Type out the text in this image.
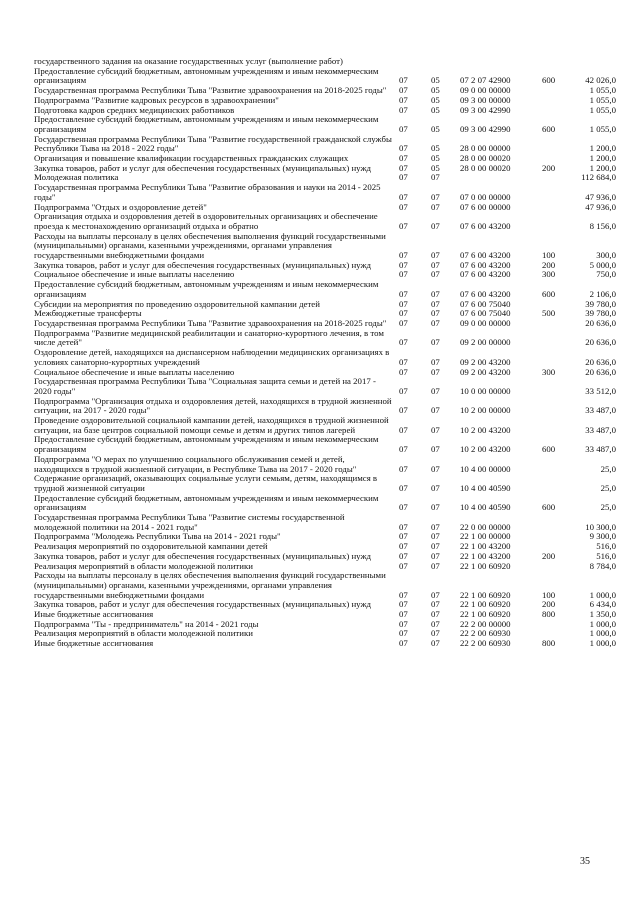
государственного задания на оказание государственных услуг (выполнение работ)					
Предоставление субсидий бюджетным, автономным учреждениям и иным некоммерческим организациям	07	05	07 2 07 42900	600	42 026,0
Государственная программа Республики Тыва "Развитие здравоохранения на 2018-2025 годы"	07	05	09 0 00 00000		1 055,0
Подпрограмма "Развитие кадровых ресурсов в здравоохранении"	07	05	09 3 00 00000		1 055,0
Подготовка кадров средних медицинских работников	07	05	09 3 00 42990		1 055,0
Предоставление субсидий бюджетным, автономным учреждениям и иным некоммерческим организациям	07	05	09 3 00 42990	600	1 055,0
Государственная программа Республики Тыва "Развитие государственной гражданской службы Республики Тыва на 2018 - 2022 годы"	07	05	28 0 00 00000		1 200,0
Организация и повышение квалификации государственных гражданских служащих	07	05	28 0 00 00020		1 200,0
Закупка товаров, работ и услуг для обеспечения государственных (муниципальных) нужд	07	05	28 0 00 00020	200	1 200,0
Молодежная политика	07	07			112 684,0
Государственная программа Республики Тыва "Развитие образования и науки на 2014 - 2025 годы"	07	07	07 0 00 00000		47 936,0
Подпрограмма "Отдых и оздоровление детей"	07	07	07 6 00 00000		47 936,0
Организация отдыха и оздоровления детей в оздоровительных организациях и обеспечение проезда к местонахождению организаций отдыха и обратно	07	07	07 6 00 43200		8 156,0
Расходы на выплаты персоналу в целях обеспечения выполнения функций государственными (муниципальными) органами, казенными учреждениями, органами управления государственными внебюджетными фондами	07	07	07 6 00 43200	100	300,0
Закупка товаров, работ и услуг для обеспечения государственных (муниципальных) нужд	07	07	07 6 00 43200	200	5 000,0
Социальное обеспечение и иные выплаты населению	07	07	07 6 00 43200	300	750,0
Предоставление субсидий бюджетным, автономным учреждениям и иным некоммерческим организациям	07	07	07 6 00 43200	600	2 106,0
Субсидии на мероприятия по проведению оздоровительной кампании детей	07	07	07 6 00 75040		39 780,0
Межбюджетные трансферты	07	07	07 6 00 75040	500	39 780,0
Государственная программа Республики Тыва "Развитие здравоохранения на 2018-2025 годы"	07	07	09 0 00 00000		20 636,0
Подпрограмма "Развитие медицинской реабилитации и санаторно-курортного лечения, в том числе детей"	07	07	09 2 00 00000		20 636,0
Оздоровление детей, находящихся на диспансерном наблюдении медицинских организациях в условиях санаторно-курортных учреждений	07	07	09 2 00 43200		20 636,0
Социальное обеспечение и иные выплаты населению	07	07	09 2 00 43200	300	20 636,0
Государственная программа Республики Тыва "Социальная защита семьи и детей на 2017 - 2020 годы"	07	07	10 0 00 00000		33 512,0
Подпрограмма "Организация отдыха и оздоровления детей, находящихся в трудной жизненной ситуации, на 2017 - 2020 годы"	07	07	10 2 00 00000		33 487,0
Проведение оздоровительной социальной кампании детей, находящихся в трудной жизненной ситуации, на базе центров социальной помощи семье и детям и других типов лагерей	07	07	10 2 00 43200		33 487,0
Предоставление субсидий бюджетным, автономным учреждениям и иным некоммерческим организациям	07	07	10 2 00 43200	600	33 487,0
Подпрограмма "О мерах по улучшению социального обслуживания семей и детей, находящихся в трудной жизненной ситуации, в Республике Тыва на 2017 - 2020 годы"	07	07	10 4 00 00000		25,0
Содержание организаций, оказывающих социальные услуги семьям, детям, находящимся в трудной жизненной ситуации	07	07	10 4 00 40590		25,0
Предоставление субсидий бюджетным, автономным учреждениям и иным некоммерческим организациям	07	07	10 4 00 40590	600	25,0
Государственная программа Республики Тыва "Развитие системы государственной молодежной политики на 2014 - 2021 годы"	07	07	22 0 00 00000		10 300,0
Подпрограмма "Молодежь Республики Тыва на 2014 - 2021 годы"	07	07	22 1 00 00000		9 300,0
Реализация мероприятий по оздоровительной кампании детей	07	07	22 1 00 43200		516,0
Закупка товаров, работ и услуг для обеспечения государственных (муниципальных) нужд	07	07	22 1 00 43200	200	516,0
Реализация мероприятий в области молодежной политики	07	07	22 1 00 60920		8 784,0
Расходы на выплаты персоналу в целях обеспечения выполнения функций государственными (муниципальными) органами, казенными учреждениями, органами управления государственными внебюджетными фондами	07	07	22 1 00 60920	100	1 000,0
Закупка товаров, работ и услуг для обеспечения государственных (муниципальных) нужд	07	07	22 1 00 60920	200	6 434,0
Иные бюджетные ассигнования	07	07	22 1 00 60920	800	1 350,0
Подпрограмма "Ты - предприниматель" на 2014 - 2021 годы	07	07	22 2 00 00000		1 000,0
Реализация мероприятий в области молодежной политики	07	07	22 2 00 60930		1 000,0
Иные бюджетные ассигнования	07	07	22 2 00 60930	800	1 000,0
35
